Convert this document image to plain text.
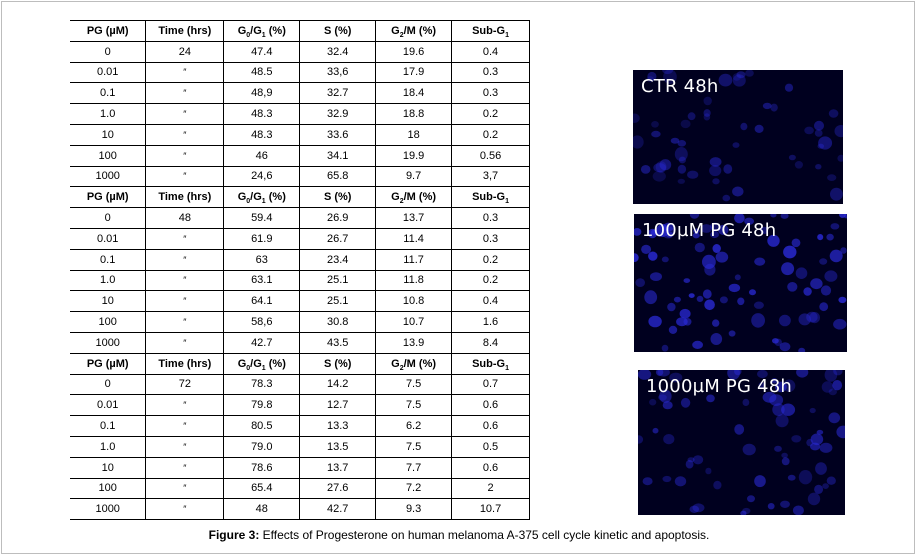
PG (µM)	Time (hrs)	$G_0/G_1$ (%)	S (%)	$G_2/M$ (%)	Sub-$G_1$
0	24	47.4	32.4	19.6	0.4
0.01	″	48.5	33,6	17.9	0.3
0.1	″	48,9	32.7	18.4	0.3
1.0	″	48.3	32.9	18.8	0.2
10	″	48.3	33.6	18	0.2
100	″	46	34.1	19.9	0.56
1000	″	24,6	65.8	9.7	3,7
PG (µM)	Time (hrs)	$G_0/G_1$ (%)	S (%)	$G_2/M$ (%)	Sub-$G_1$
0	48	59.4	26.9	13.7	0.3
0.01	″	61.9	26.7	11.4	0.3
0.1	″	63	23.4	11.7	0.2
1.0	″	63.1	25.1	11.8	0.2
10	″	64.1	25.1	10.8	0.4
100	″	58,6	30.8	10.7	1.6
1000	″	42.7	43.5	13.9	8.4
PG (µM)	Time (hrs)	$G_0/G_1$ (%)	S (%)	$G_2/M$ (%)	Sub-$G_1$
0	72	78.3	14.2	7.5	0.7
0.01	″	79.8	12.7	7.5	0.6
0.1	″	80.5	13.3	6.2	0.6
1.0	″	79.0	13.5	7.5	0.5
10	″	78.6	13.7	7.7	0.6
100	″	65.4	27.6	7.2	2
1000	″	48	42.7	9.3	10.7
CTR 48h
100µM PG 48h
1000µM PG 48h
Figure 3: Effects of Progesterone on human melanoma A-375 cell cycle kinetic and apoptosis.
